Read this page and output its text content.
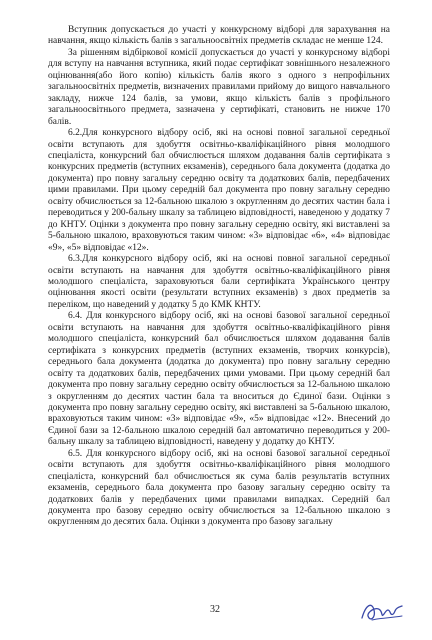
Вступник допускається до участі у конкурсному відборі для зарахування на навчання, якщо кількість балів з загальноосвітніх предметів складає не менше 124.

За рішенням відбіркової комісії допускається до участі у конкурсному відборі для вступу на навчання вступника, який подає сертифікат зовнішнього незалежного оцінювання(або його копію) кількість балів якого з одного з непрофільних загальноосвітніх предметів, визначених правилами прийому до вищого навчального закладу, нижче 124 балів, за умови, якщо кількість балів з профільного загальноосвітнього предмета, зазначена у сертифікаті, становить не нижче 170 балів.

6.2.Для конкурсного відбору осіб, які на основі повної загальної середньої освіти вступають для здобуття освітньо-кваліфікаційного рівня молодшого спеціаліста, конкурсний бал обчислюється шляхом додавання балів сертифіката з конкурсних предметів (вступних екзаменів), середнього бала документа (додатка до документа) про повну загальну середню освіту та додаткових балів, передбачених цими правилами. При цьому середній бал документа про повну загальну середню освіту обчислюється за 12-бальною шкалою з округленням до десятих частин бала і переводиться у 200-бальну шкалу за таблицею відповідності, наведеною у додатку 7 до КНТУ. Оцінки з документа про повну загальну середню освіту, які виставлені за 5-бальною шкалою, враховуються таким чином: «3» відповідає «6», «4» відповідає «9», «5» відповідає «12».

6.3.Для конкурсного відбору осіб, які на основі повної загальної середньої освіти вступають на навчання для здобуття освітньо-кваліфікаційного рівня молодшого спеціаліста, зараховуються бали сертифіката Українського центру оцінювання якості освіти (результати вступних екзаменів) з двох предметів за переліком, що наведений у додатку 5 до КМК КНТУ.

6.4. Для конкурсного відбору осіб, які на основі базової загальної середньої освіти вступають на навчання для здобуття освітньо-кваліфікаційного рівня молодшого спеціаліста, конкурсний бал обчислюється шляхом додавання балів сертифіката з конкурсних предметів (вступних екзаменів, творчих конкурсів), середнього бала документа (додатка до документа) про повну загальну середню освіту та додаткових балів, передбачених цими умовами. При цьому середній бал документа про повну загальну середню освіту обчислюється за 12-бальною шкалою з округленням до десятих частин бала та вноситься до Єдиної бази. Оцінки з документа про повну загальну середню освіту, які виставлені за 5-бальною шкалою, враховуються таким чином: «3» відповідає «9», «5» відповідає «12». Внесений до Єдиної бази за 12-бальною шкалою середній бал автоматично переводиться у 200-бальну шкалу за таблицею відповідності, наведену у додатку до КНТУ.

6.5. Для конкурсного відбору осіб, які на основі базової загальної середньої освіти вступають для здобуття освітньо-кваліфікаційного рівня молодшого спеціаліста, конкурсний бал обчислюється як сума балів результатів вступних екзаменів, середнього бала документа про базову загальну середню освіту та додаткових балів у передбачених цими правилами випадках. Середній бал документа про базову середню освіту обчислюється за 12-бальною шкалою з округленням до десятих бала. Оцінки з документа про базову загальну

32
